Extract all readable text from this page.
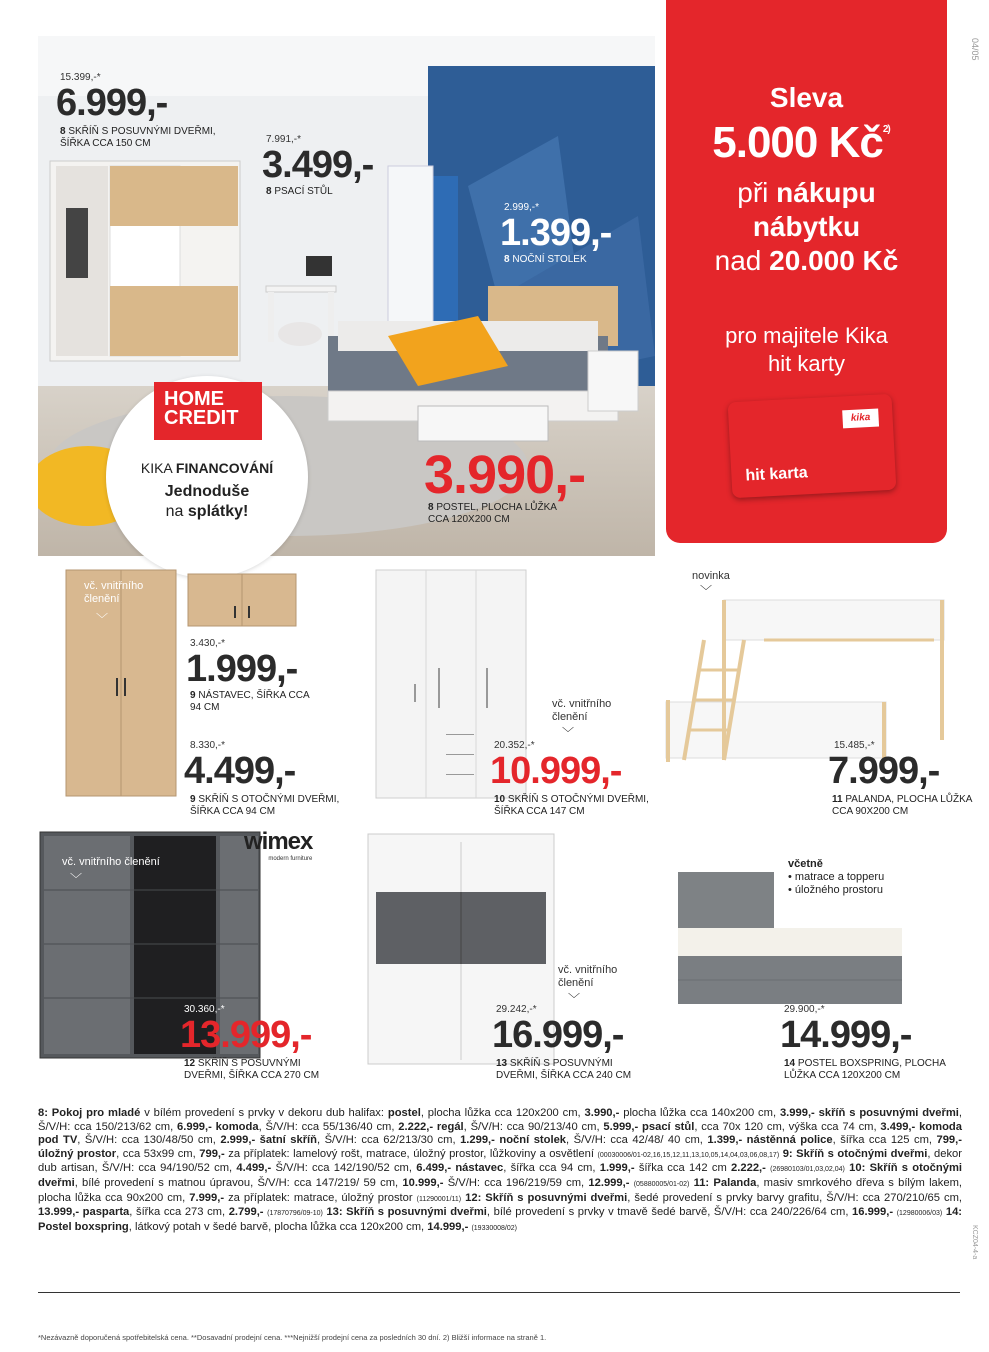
04/05
KCZ04-4-a
15.399,-*
6.999,-
8 SKŘÍŇ S POSUVNÝMI DVEŘMI, ŠÍŘKA CCA 150 CM	7.991,-*
3.499,-
8 PSACÍ STŮL
2.999,-*
1.399,-
8 NOČNÍ STOLEK
3.990,-
8 POSTEL, PLOCHA LŮŽKA CCA 120X200 CM
HOME
CREDIT
KIKA FINANCOVÁNÍ
Jednoduše
na splátky!
Sleva
5.000 $Kč^{2)}$
při nákupu
nábytku
nad 20.000 Kč
pro majitele Kika
hit karty
kika
hit karta
vč. vnitřního členění
﹀
3.430,-*
1.999,-
9 NÁSTAVEC, ŠÍŘKA CCA 94 CM
8.330,-*
4.499,-
9 SKŘÍŇ S OTOČNÝMI DVEŘMI, ŠÍŘKA CCA 94 CM
vč. vnitřního členění
﹀
20.352,-*
10.999,-
10 SKŘÍŇ S OTOČNÝMI DVEŘMI, ŠÍŘKA CCA 147 CM
novinka
﹀
15.485,-*
7.999,-
11 PALANDA, PLOCHA LŮŽKA CCA 90X200 CM
vč. vnitřního členění
﹀
wimex
modern furniture
30.360,-*
13.999,-
12 SKŘÍŇ S POSUVNÝMI DVEŘMI, ŠÍŘKA CCA 270 CM
vč. vnitřního členění
﹀
29.242,-*
16.999,-
13 SKŘÍŇ S POSUVNÝMI DVEŘMI, ŠÍŘKA CCA 240 CM
včetně
• matrace a topperu
• úložného prostoru
29.900,-*
14.999,-
14 POSTEL BOXSPRING, PLOCHA LŮŽKA CCA 120X200 CM
8: Pokoj pro mladé v bílém provedení s prvky v dekoru dub halifax: postel, plocha lůžka cca 120x200 cm, 3.990,- plocha lůžka cca 140x200 cm, 3.999,- skříň s posuvnými dveřmi, Š/V/H: cca 150/213/62 cm, 6.999,- komoda, Š/V/H: cca 55/136/40 cm, 2.222,- regál, Š/V/H: cca 90/213/40 cm, 5.999,- psací stůl, cca 70x 120 cm, výška cca 74 cm, 3.499,- komoda pod TV, Š/V/H: cca 130/48/50 cm, 2.999,- šatní skříň, Š/V/H: cca 62/213/30 cm, 1.299,- noční stolek, Š/V/H: cca 42/48/ 40 cm, 1.399,- nástěnná police, šířka cca 125 cm, 799,- úložný prostor, cca 53x99 cm, 799,- za příplatek: lamelový rošt, matrace, úložný prostor, lůžkoviny a osvětlení (00030006/01-02,16,15,12,11,13,10,05,14,04,03,06,08,17) 9: Skříň s otočnými dveřmi, dekor dub artisan, Š/V/H: cca 94/190/52 cm, 4.499,- Š/V/H: cca 142/190/52 cm, 6.499,- nástavec, šířka cca 94 cm, 1.999,- šířka cca 142 cm 2.222,- (26980103/01,03,02,04) 10: Skříň s otočnými dveřmi, bílé provedení s matnou úpravou, Š/V/H: cca 147/219/ 59 cm, 10.999,- Š/V/H: cca 196/219/59 cm, 12.999,- (05880005/01-02) 11: Palanda, masiv smrkového dřeva s bílým lakem, plocha lůžka cca 90x200 cm, 7.999,- za příplatek: matrace, úložný prostor (11290001/11) 12: Skříň s posuvnými dveřmi, šedé provedení s prvky barvy grafitu, Š/V/H: cca 270/210/65 cm, 13.999,- pasparta, šířka cca 273 cm, 2.799,- (17870796/09-10) 13: Skříň s posuvnými dveřmi, bílé provedení s prvky v tmavě šedé barvě, Š/V/H: cca 240/226/64 cm, 16.999,- (12980006/03) 14: Postel boxspring, látkový potah v šedé barvě, plocha lůžka cca 120x200 cm, 14.999,- (19330008/02)
*Nezávazně doporučená spotřebitelská cena. **Dosavadní prodejní cena. ***Nejnižší prodejní cena za posledních 30 dní. 2) Bližší informace na straně 1.
